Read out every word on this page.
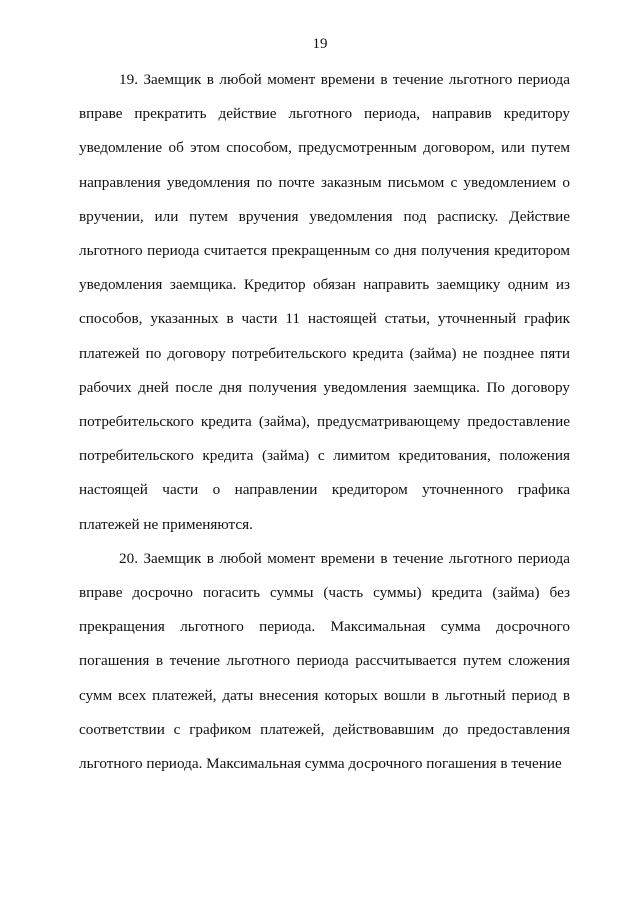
19

19. Заемщик в любой момент времени в течение льготного периода вправе прекратить действие льготного периода, направив кредитору уведомление об этом способом, предусмотренным договором, или путем направления уведомления по почте заказным письмом с уведомлением о вручении, или путем вручения уведомления под расписку. Действие льготного периода считается прекращенным со дня получения кредитором уведомления заемщика. Кредитор обязан направить заемщику одним из способов, указанных в части 11 настоящей статьи, уточненный график платежей по договору потребительского кредита (займа) не позднее пяти рабочих дней после дня получения уведомления заемщика. По договору потребительского кредита (займа), предусматривающему предоставление потребительского кредита (займа) с лимитом кредитования, положения настоящей части о направлении кредитором уточненного графика платежей не применяются.

20. Заемщик в любой момент времени в течение льготного периода вправе досрочно погасить суммы (часть суммы) кредита (займа) без прекращения льготного периода. Максимальная сумма досрочного погашения в течение льготного периода рассчитывается путем сложения сумм всех платежей, даты внесения которых вошли в льготный период в соответствии с графиком платежей, действовавшим до предоставления льготного периода. Максимальная сумма досрочного погашения в течение
